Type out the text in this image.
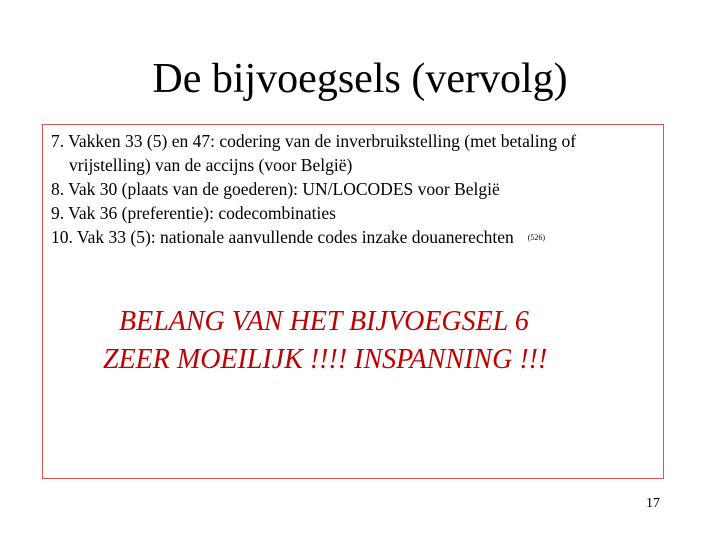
De bijvoegsels (vervolg)
7. Vakken 33 (5) en 47: codering van de inverbruikstelling (met betaling of
vrijstelling) van de accijns (voor België)
8. Vak 30 (plaats van de goederen): UN/LOCODES voor België
9. Vak 36 (preferentie): codecombinaties
10. Vak 33 (5): nationale aanvullende codes inzake douanerechten (526)
BELANG VAN HET BIJVOEGSEL 6
ZEER MOEILIJK !!!! INSPANNING !!!
17
